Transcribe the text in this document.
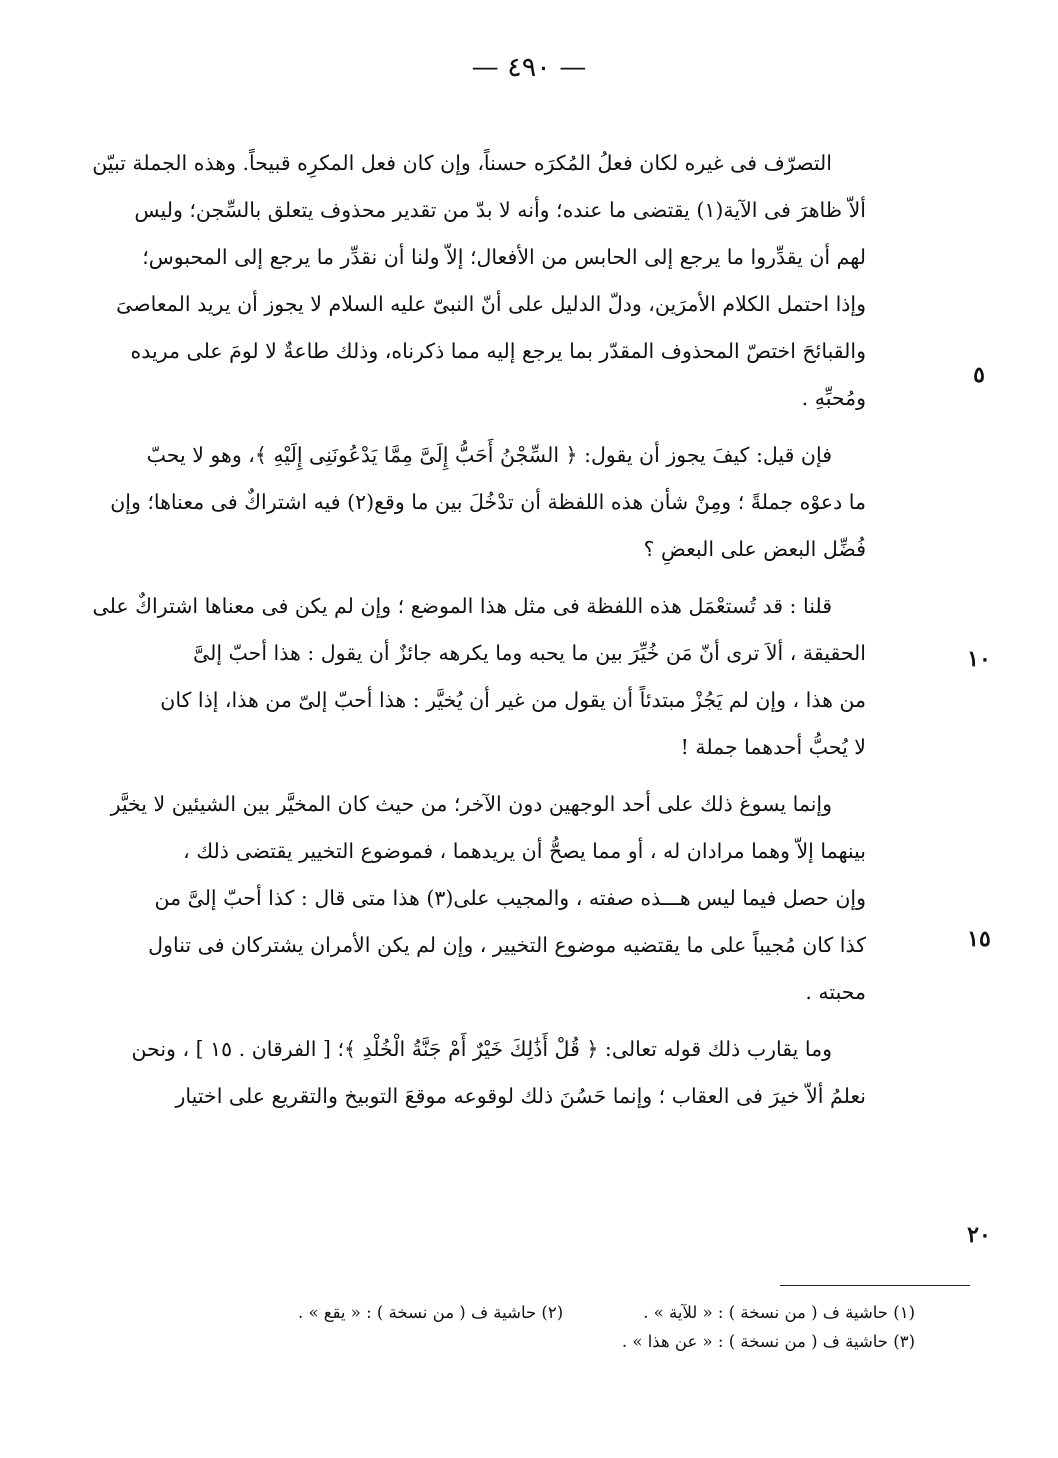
— ٤٩٠ —
التصرّف فى غيره لكان فعلُ المُكرَه حسناً، وإن كان فعل المكرِه قبيحاً. وهذه الجملة تبيّن
ألاّ ظاهرَ فى الآية(١) يقتضى ما عنده؛ وأنه لا بدّ من تقدير محذوف يتعلق بالسِّجن؛ وليس
لهم أن يقدِّروا ما يرجع إلى الحابس من الأفعال؛ إلاّ ولنا أن نقدِّر ما يرجع إلى المحبوس؛
وإذا احتمل الكلام الأمرَين، ودلّ الدليل على أنّ النبىّ عليه السلام لا يجوز أن يريد المعاصىَ
والقبائحَ اختصّ المحذوف المقدّر بما يرجع إليه مما ذكرناه، وذلك طاعةٌ لا لومَ على مريده
ومُحبِّهِ .
فإن قيل: كيفَ يجوز أن يقول: ﴿ السِّجْنُ أَحَبُّ إِلَىَّ مِمَّا يَدْعُونَنِى إِلَيْهِ ﴾، وهو لا يحبّ
ما دعوْه جملةً ؛ ومِنْ شأن هذه اللفظة أن تدْخُلَ بين ما وقع(٢) فيه اشتراكٌ فى معناها؛ وإن
فُضِّل البعض على البعضِ ؟
قلنا : قد تُستعْمَل هذه اللفظة فى مثل هذا الموضع ؛ وإن لم يكن فى معناها اشتراكٌ على
الحقيقة ، ألاَ ترى أنّ مَن خُيِّرَ بين ما يحبه وما يكرهه جائزٌ أن يقول : هذا أحبّ إلىَّ
من هذا ، وإن لم يَجُزْ مبتدئاً أن يقول من غير أن يُخيَّر : هذا أحبّ إلىّ من هذا، إذا كان
لا يُحبُّ أحدهما جملة !
وإنما يسوغ ذلك على أحد الوجهين دون الآخر؛ من حيث كان المخيَّر بين الشيئين لا يخيَّر
بينهما إلاّ وهما مرادان له ، أو مما يصحُّ أن يريدهما ، فموضوع التخيير يقتضى ذلك ،
وإن حصل فيما ليس هـــذه صفته ، والمجيب على(٣) هذا متى قال : كذا أحبّ إلىَّ من
كذا كان مُجيباً على ما يقتضيه موضوع التخيير ، وإن لم يكن الأمران يشتركان فى تناول
محبته .
وما يقارب ذلك قوله تعالى: ﴿ قُلْ أَذَٰلِكَ خَيْرٌ أَمْ جَنَّةُ الْخُلْدِ ﴾؛ [ الفرقان . ١٥ ] ، ونحن
نعلمُ ألاّ خيرَ فى العقاب ؛ وإنما حَسُنَ ذلك لوقوعه موقعَ التوبيخ والتقريع على اختيار
٥
١٠
١٥
٢٠
(١) حاشية ف ( من نسخة ) : « للآية » .
(٢) حاشية ف ( من نسخة ) : « يقع » .
(٣) حاشية ف ( من نسخة ) : « عن هذا » .
